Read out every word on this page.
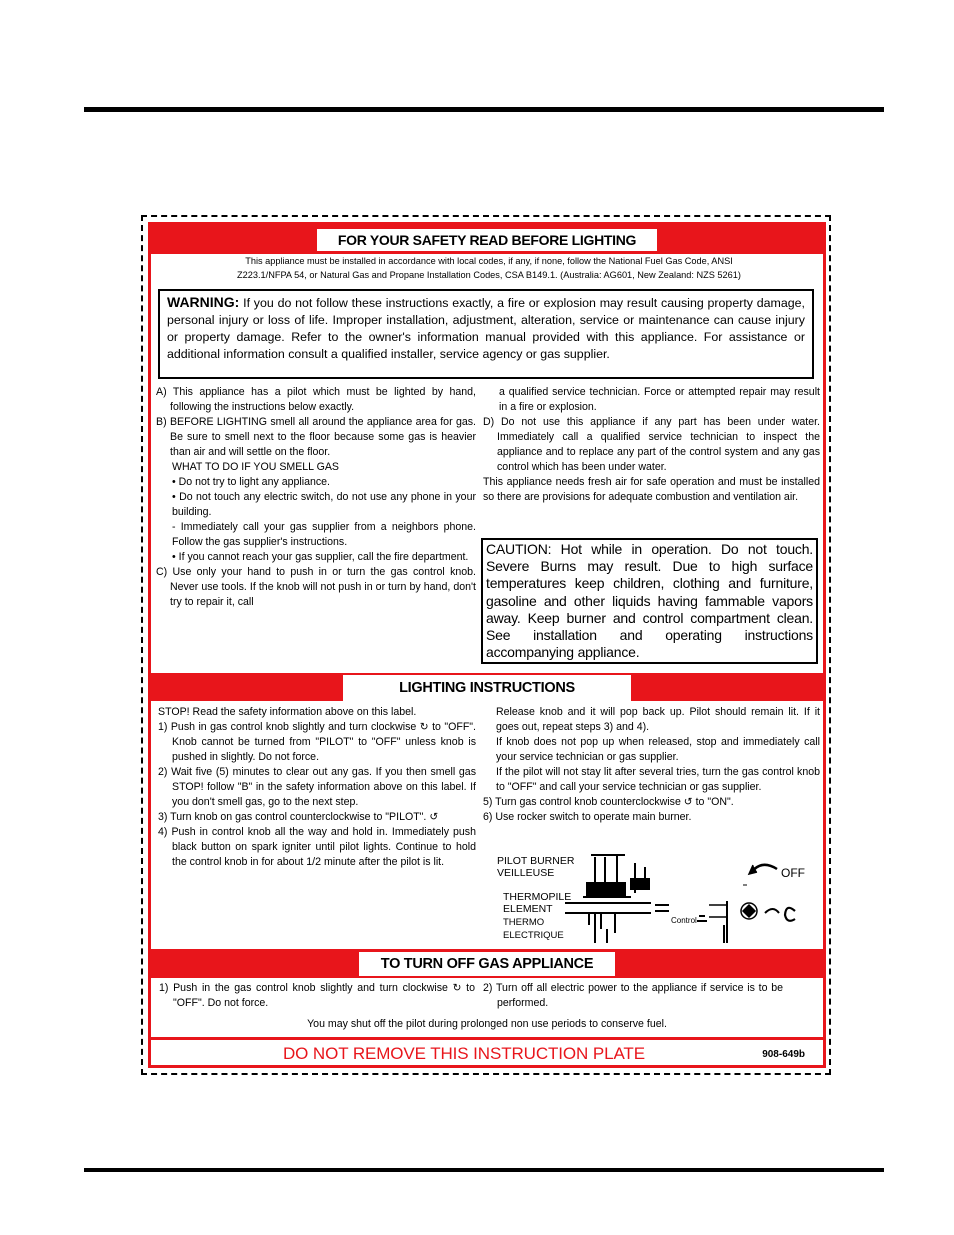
FOR YOUR SAFETY READ BEFORE LIGHTING
This appliance must be installed in accordance with local codes, if any, if none, follow the National Fuel Gas Code, ANSI
Z223.1/NFPA 54, or Natural Gas and Propane Installation Codes, CSA B149.1. (Australia: AG601, New Zealand: NZS 5261)
WARNING: If you do not follow these instructions exactly, a fire or explosion may result causing property damage, personal injury or loss of life. Improper installation, adjustment, alteration, service or maintenance can cause injury or property damage. Refer to the owner's information manual provided with this appliance. For assistance or additional information consult a qualified installer, service agency or gas supplier.

A) This appliance has a pilot which must be lighted by hand, following the instructions below exactly.

B) BEFORE LIGHTING smell all around the appliance area for gas. Be sure to smell next to the floor because some gas is heavier than air and will settle on the floor.

WHAT TO DO IF YOU SMELL GAS

• Do not try to light any appliance.

• Do not touch any electric switch, do not use any phone in your building.

- Immediately call your gas supplier from a neighbors phone. Follow the gas supplier's instructions.

• If you cannot reach your gas supplier, call the fire department.

C) Use only your hand to push in or turn the gas control knob. Never use tools. If the knob will not push in or turn by hand, don't try to repair it, call

a qualified service technician. Force or attempted repair may result in a fire or explosion.

D) Do not use this appliance if any part has been under water. Immediately call a qualified service technician to inspect the appliance and to replace any part of the control system and any gas control which has been under water.

This appliance needs fresh air for safe operation and must be installed so there are provisions for adequate combustion and ventilation air.

CAUTION: Hot while in operation. Do not touch. Severe Burns may result. Due to high surface temperatures keep children, clothing and furniture, gasoline and other liquids having fammable vapors away. Keep burner and control compartment clean. See installation and operating instructions accompanying appliance.
LIGHTING INSTRUCTIONS

STOP! Read the safety information above on this label.

1) Push in gas control knob slightly and turn clockwise ↻ to "OFF". Knob cannot be turned from "PILOT" to "OFF" unless knob is pushed in slightly. Do not force.

2) Wait five (5) minutes to clear out any gas. If you then smell gas STOP! follow "B" in the safety information above on this label. If you don't smell gas, go to the next step.

3) Turn knob on gas control counterclockwise to "PILOT". ↺

4) Push in control knob all the way and hold in. Immediately push black button on spark igniter until pilot lights. Continue to hold the control knob in for about 1/2 minute after the pilot is lit.

Release knob and it will pop back up. Pilot should remain lit. If it goes out, repeat steps 3) and 4).

If knob does not pop up when released, stop and immediately call your service technician or gas supplier.

If the pilot will not stay lit after several tries, turn the gas control knob to "OFF" and call your service technician or gas supplier.

5) Turn gas control knob counterclockwise ↺ to "ON".

6) Use rocker switch to operate main burner.

PILOT BURNER
VEILLEUSE
THERMOPILE
ELEMENT
THERMO
ELECTRIQUE
Control
OFF
TO TURN OFF GAS APPLIANCE

1) Push in the gas control knob slightly and turn clockwise ↻ to "OFF". Do not force.

2) Turn off all electric power to the appliance if service is to be performed.

You may shut off the pilot during prolonged non use periods to conserve fuel.
DO NOT REMOVE THIS INSTRUCTION PLATE	908-649b
